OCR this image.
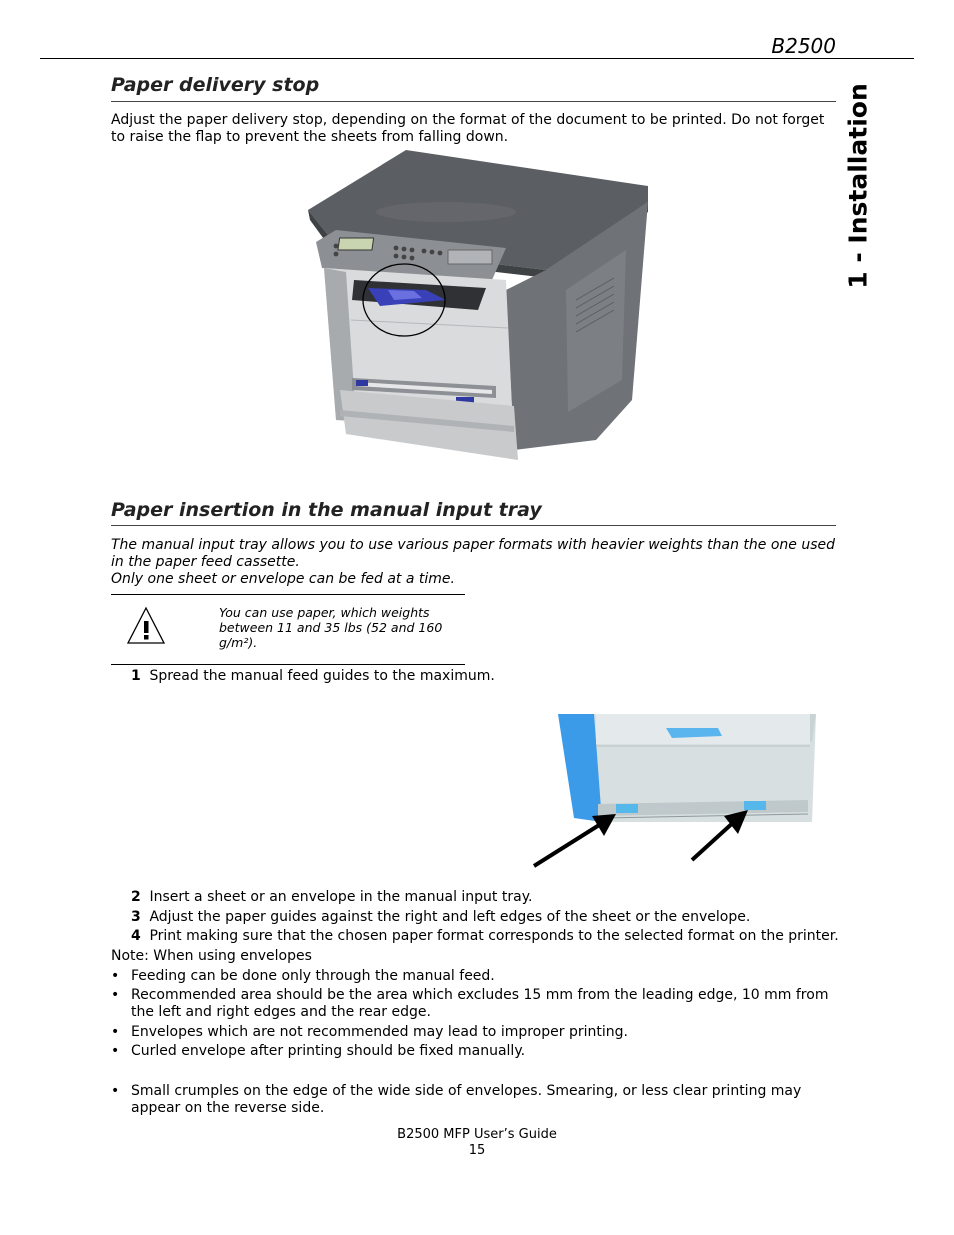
B2500
1 - Installation
Paper delivery stop

Adjust the paper delivery stop, depending on the format of the document to be printed. Do not forget

to raise the flap to prevent the sheets from falling down.

Paper insertion in the manual input tray

The manual input tray allows you to use various paper formats with heavier weights than the one used

in the paper feed cassette.

Only one sheet or envelope can be fed at a time.

You can use paper, which weights
between 11 and 35 lbs (52 and 160
g/m²).
1 Spread the manual feed guides to the maximum.
2 Insert a sheet or an envelope in the manual input tray.
3 Adjust the paper guides against the right and left edges of the sheet or the envelope.
4 Print making sure that the chosen paper format corresponds to the selected format on the printer.
Note: When using envelopes
• Feeding can be done only through the manual feed.
• Recommended area should be the area which excludes 15 mm from the leading edge, 10 mm from
the left and right edges and the rear edge.
• Envelopes which are not recommended may lead to improper printing.
• Curled envelope after printing should be fixed manually.
• Small crumples on the edge of the wide side of envelopes. Smearing, or less clear printing may
appear on the reverse side.
B2500 MFP User’s Guide
15
